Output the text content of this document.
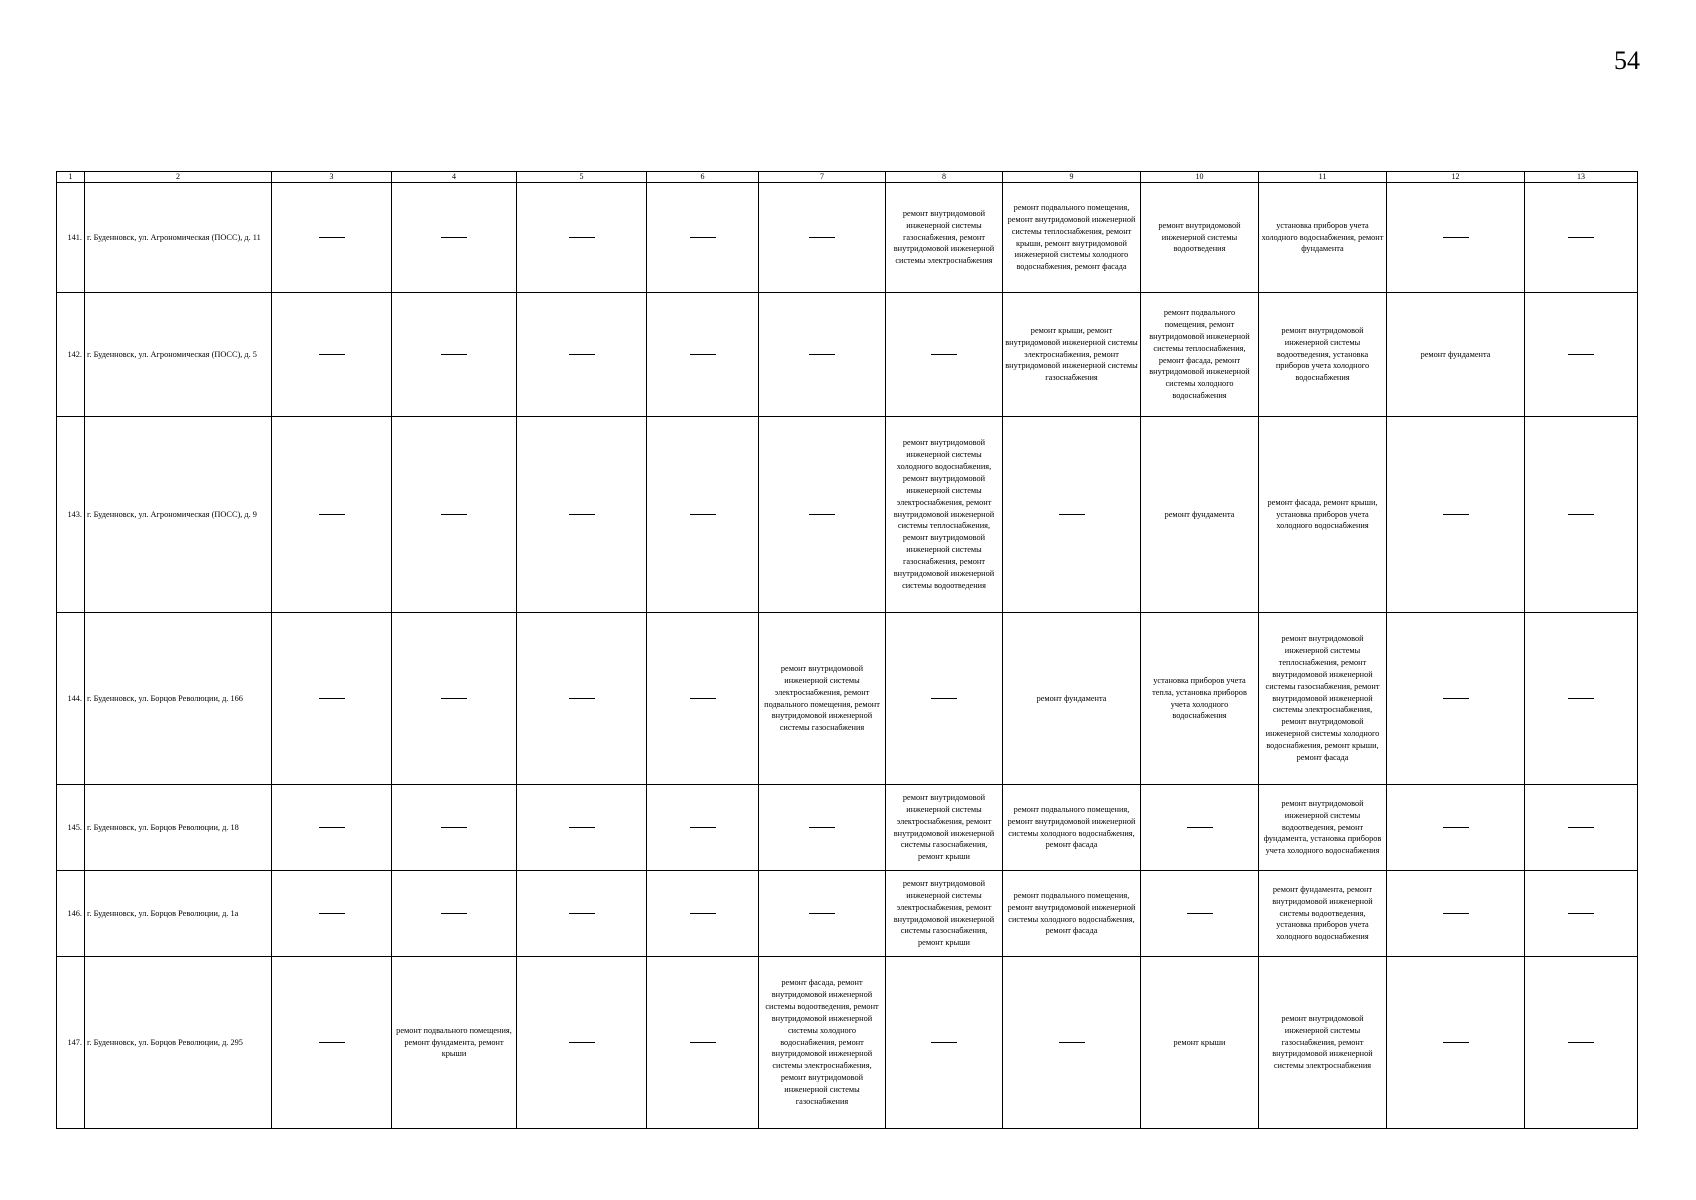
54
1	2	3	4	5	6	7	8	9	10	11	12	13
141.	г. Буденновск, ул. Агрономическая (ПОСС), д. 11						ремонт внутридомовой инженерной системы газоснабжения, ремонт внутридомовой инженерной системы электроснабжения	ремонт подвального помещения, ремонт внутридомовой инженерной системы теплоснабжения, ремонт крыши, ремонт внутридомовой инженерной системы холодного водоснабжения, ремонт фасада	ремонт внутридомовой инженерной системы водоотведения	установка приборов учета холодного водоснабжения, ремонт фундамента		
142.	г. Буденновск, ул. Агрономическая (ПОСС), д. 5							ремонт крыши, ремонт внутридомовой инженерной системы электроснабжения, ремонт внутридомовой инженерной системы газоснабжения	ремонт подвального помещения, ремонт внутридомовой инженерной системы теплоснабжения, ремонт фасада, ремонт внутридомовой инженерной системы холодного водоснабжения	ремонт внутридомовой инженерной системы водоотведения, установка приборов учета холодного водоснабжения	ремонт фундамента	
143.	г. Буденновск, ул. Агрономическая (ПОСС), д. 9						ремонт внутридомовой инженерной системы холодного водоснабжения, ремонт внутридомовой инженерной системы электроснабжения, ремонт внутридомовой инженерной системы теплоснабжения, ремонт внутридомовой инженерной системы газоснабжения, ремонт внутридомовой инженерной системы водоотведения		ремонт фундамента	ремонт фасада, ремонт крыши, установка приборов учета холодного водоснабжения		
144.	г. Буденновск, ул. Борцов Революции, д. 166					ремонт внутридомовой инженерной системы электроснабжения, ремонт подвального помещения, ремонт внутридомовой инженерной системы газоснабжения		ремонт фундамента	установка приборов учета тепла, установка приборов учета холодного водоснабжения	ремонт внутридомовой инженерной системы теплоснабжения, ремонт внутридомовой инженерной системы газоснабжения, ремонт внутридомовой инженерной системы электроснабжения, ремонт внутридомовой инженерной системы холодного водоснабжения, ремонт крыши, ремонт фасада		
145.	г. Буденновск, ул. Борцов Революции, д. 18						ремонт внутридомовой инженерной системы электроснабжения, ремонт внутридомовой инженерной системы газоснабжения, ремонт крыши	ремонт подвального помещения, ремонт внутридомовой инженерной системы холодного водоснабжения, ремонт фасада		ремонт внутридомовой инженерной системы водоотведения, ремонт фундамента, установка приборов учета холодного водоснабжения		
146.	г. Буденновск, ул. Борцов Революции, д. 1а						ремонт внутридомовой инженерной системы электроснабжения, ремонт внутридомовой инженерной системы газоснабжения, ремонт крыши	ремонт подвального помещения, ремонт внутридомовой инженерной системы холодного водоснабжения, ремонт фасада		ремонт фундамента, ремонт внутридомовой инженерной системы водоотведения, установка приборов учета холодного водоснабжения		
147.	г. Буденновск, ул. Борцов Революции, д. 295		ремонт подвального помещения, ремонт фундамента, ремонт крыши			ремонт фасада, ремонт внутридомовой инженерной системы водоотведения, ремонт внутридомовой инженерной системы холодного водоснабжения, ремонт внутридомовой инженерной системы электроснабжения, ремонт внутридомовой инженерной системы газоснабжения			ремонт крыши	ремонт внутридомовой инженерной системы газоснабжения, ремонт внутридомовой инженерной системы электроснабжения		
